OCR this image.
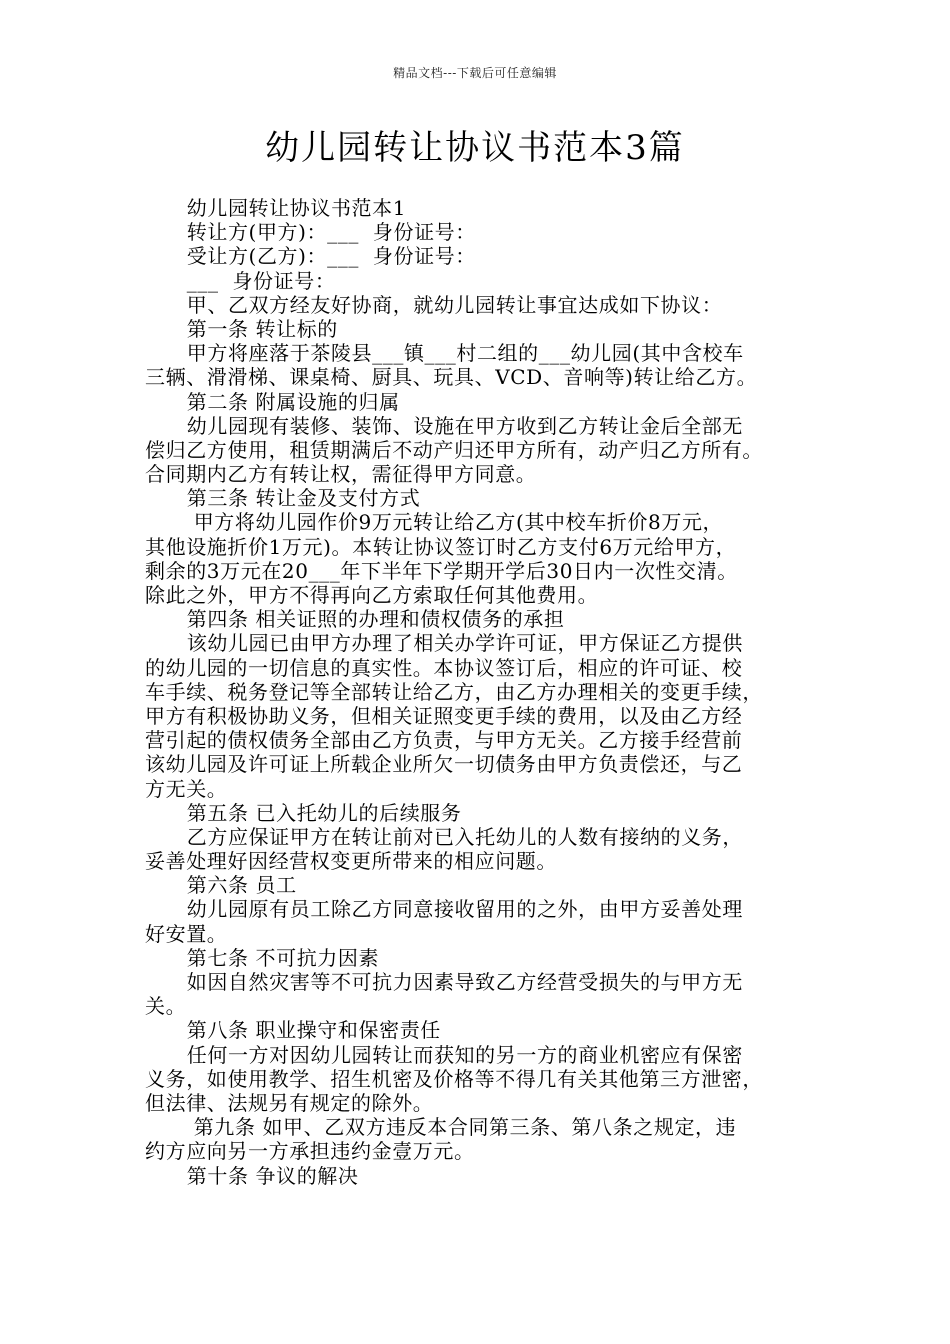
精品文档---下载后可任意编辑
幼儿园转让协议书范本3篇
幼儿园转让协议书范本1
转让方(甲方)：___  身份证号：
受让方(乙方)：___  身份证号：
___  身份证号：
甲、乙双方经友好协商，就幼儿园转让事宜达成如下协议：
第一条 转让标的
甲方将座落于茶陵县___镇___村二组的___幼儿园(其中含校车
三辆、滑滑梯、课桌椅、厨具、玩具、VCD、音响等)转让给乙方。
第二条 附属设施的归属
幼儿园现有装修、装饰、设施在甲方收到乙方转让金后全部无
偿归乙方使用，租赁期满后不动产归还甲方所有，动产归乙方所有。
合同期内乙方有转让权，需征得甲方同意。
第三条 转让金及支付方式
甲方将幼儿园作价9万元转让给乙方(其中校车折价8万元，
其他设施折价1万元)。本转让协议签订时乙方支付6万元给甲方，
剩余的3万元在20___年下半年下学期开学后30日内一次性交清。
除此之外，甲方不得再向乙方索取任何其他费用。
第四条 相关证照的办理和债权债务的承担
该幼儿园已由甲方办理了相关办学许可证，甲方保证乙方提供
的幼儿园的一切信息的真实性。本协议签订后，相应的许可证、校
车手续、税务登记等全部转让给乙方，由乙方办理相关的变更手续，
甲方有积极协助义务，但相关证照变更手续的费用，以及由乙方经
营引起的债权债务全部由乙方负责，与甲方无关。乙方接手经营前
该幼儿园及许可证上所载企业所欠一切债务由甲方负责偿还，与乙
方无关。
第五条 已入托幼儿的后续服务
乙方应保证甲方在转让前对已入托幼儿的人数有接纳的义务，
妥善处理好因经营权变更所带来的相应问题。
第六条 员工
幼儿园原有员工除乙方同意接收留用的之外，由甲方妥善处理
好安置。
第七条 不可抗力因素
如因自然灾害等不可抗力因素导致乙方经营受损失的与甲方无
关。
第八条 职业操守和保密责任
任何一方对因幼儿园转让而获知的另一方的商业机密应有保密
义务，如使用教学、招生机密及价格等不得几有关其他第三方泄密，
但法律、法规另有规定的除外。
第九条 如甲、乙双方违反本合同第三条、第八条之规定，违
约方应向另一方承担违约金壹万元。
第十条 争议的解决
